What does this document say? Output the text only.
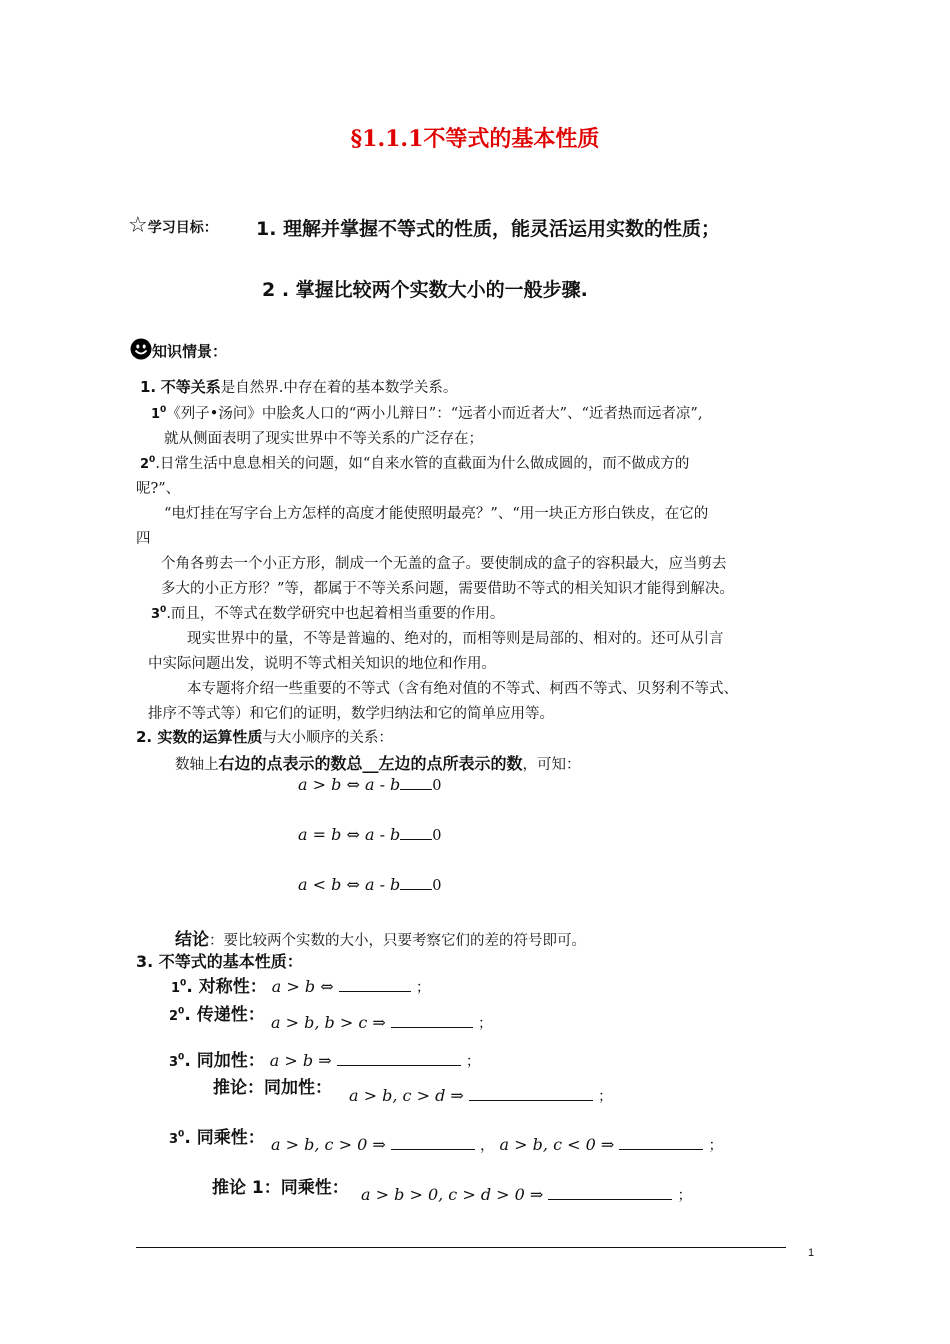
§1.1.1不等式的基本性质
☆学习目标： 1. 理解并掌握不等式的性质，能灵活运用实数的性质；
2 . 掌握比较两个实数大小的一般步骤.
知识情景：
1. 不等关系是自然界.中存在着的基本数学关系。
$1^0$《列子•汤问》中脍炙人口的“两小儿辩日”：“远者小而近者大”、“近者热而远者凉”,
就从侧面表明了现实世界中不等关系的广泛存在；
$2^0$.日常生活中息息相关的问题，如“自来水管的直截面为什么做成圆的，而不做成方的
呢?”、
“电灯挂在写字台上方怎样的高度才能使照明最亮？”、“用一块正方形白铁皮，在它的
四
个角各剪去一个小正方形，制成一个无盖的盒子。要使制成的盒子的容积最大，应当剪去
多大的小正方形？”等，都属于不等关系问题，需要借助不等式的相关知识才能得到解决。
$3^0$.而且，不等式在数学研究中也起着相当重要的作用。
现实世界中的量，不等是普遍的、绝对的，而相等则是局部的、相对的。还可从引言
中实际问题出发，说明不等式相关知识的地位和作用。
本专题将介绍一些重要的不等式（含有绝对值的不等式、柯西不等式、贝努利不等式、
排序不等式等）和它们的证明，数学归纳法和它的简单应用等。
2. 实数的运算性质与大小顺序的关系：
数轴上右边的点表示的数总__左边的点所表示的数，可知：
a > b ⇔ a - b 0
a = b ⇔ a - b 0
a < b ⇔ a - b 0
结论：要比较两个实数的大小，只要考察它们的差的符号即可。
3. 不等式的基本性质：
$1^0$. 对称性： a > b ⇔	；
$2^0$. 传递性： a > b, b > c ⇒	；
$3^0$. 同加性： a > b ⇒	；
推论：同加性： a > b, c > d ⇒	；
$3^0$. 同乘性： a > b, c > 0 ⇒	， a > b, c < 0 ⇒	；
推论 1：同乘性： a > b > 0, c > d > 0 ⇒	；
1
